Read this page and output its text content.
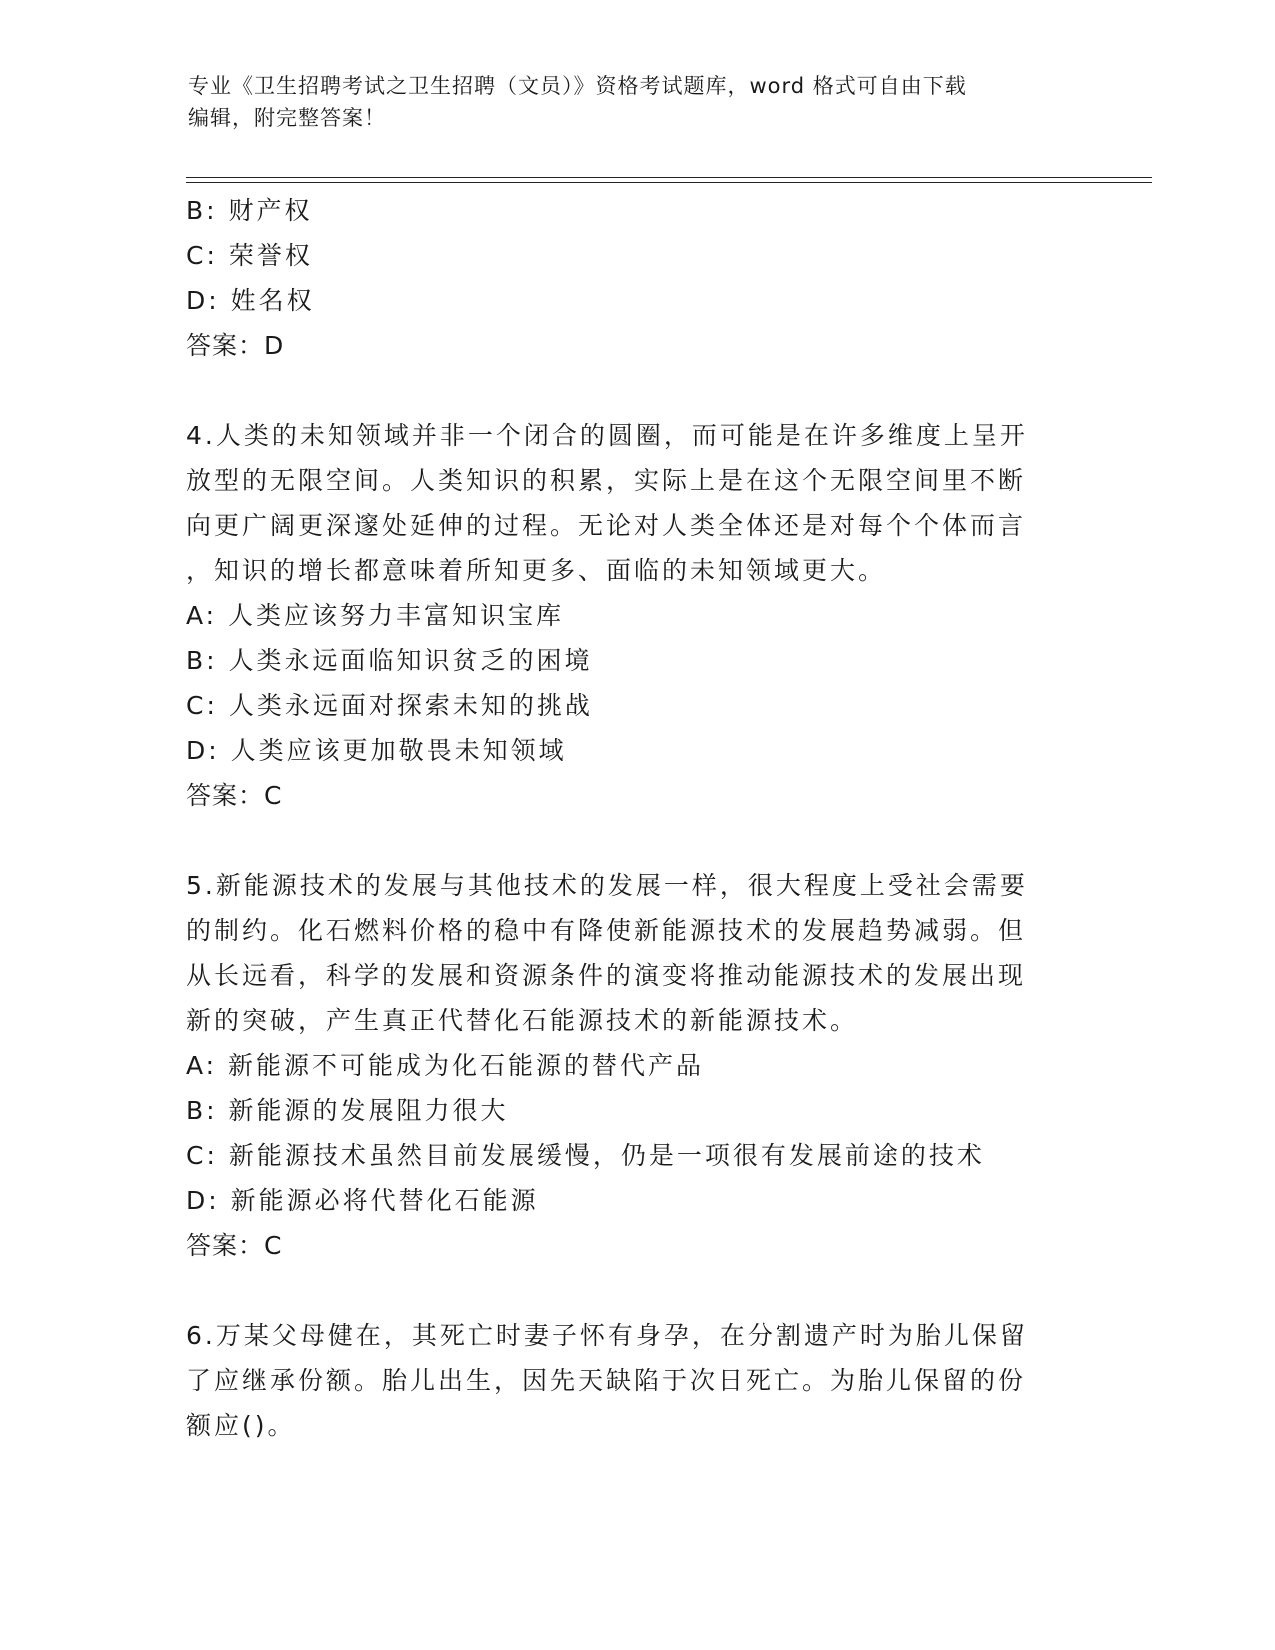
专业《卫生招聘考试之卫生招聘（文员）》资格考试题库，word 格式可自由下载
编辑，附完整答案！
B: 财产权
C: 荣誉权
D: 姓名权
答案：D
4.人类的未知领域并非一个闭合的圆圈，而可能是在许多维度上呈开
放型的无限空间。人类知识的积累，实际上是在这个无限空间里不断
向更广阔更深邃处延伸的过程。无论对人类全体还是对每个个体而言
，知识的增长都意味着所知更多、面临的未知领域更大。
A: 人类应该努力丰富知识宝库
B: 人类永远面临知识贫乏的困境
C: 人类永远面对探索未知的挑战
D: 人类应该更加敬畏未知领域
答案：C
5.新能源技术的发展与其他技术的发展一样，很大程度上受社会需要
的制约。化石燃料价格的稳中有降使新能源技术的发展趋势减弱。但
从长远看，科学的发展和资源条件的演变将推动能源技术的发展出现
新的突破，产生真正代替化石能源技术的新能源技术。
A: 新能源不可能成为化石能源的替代产品
B: 新能源的发展阻力很大
C: 新能源技术虽然目前发展缓慢，仍是一项很有发展前途的技术
D: 新能源必将代替化石能源
答案：C
6.万某父母健在，其死亡时妻子怀有身孕，在分割遗产时为胎儿保留
了应继承份额。胎儿出生，因先天缺陷于次日死亡。为胎儿保留的份
额应()。
